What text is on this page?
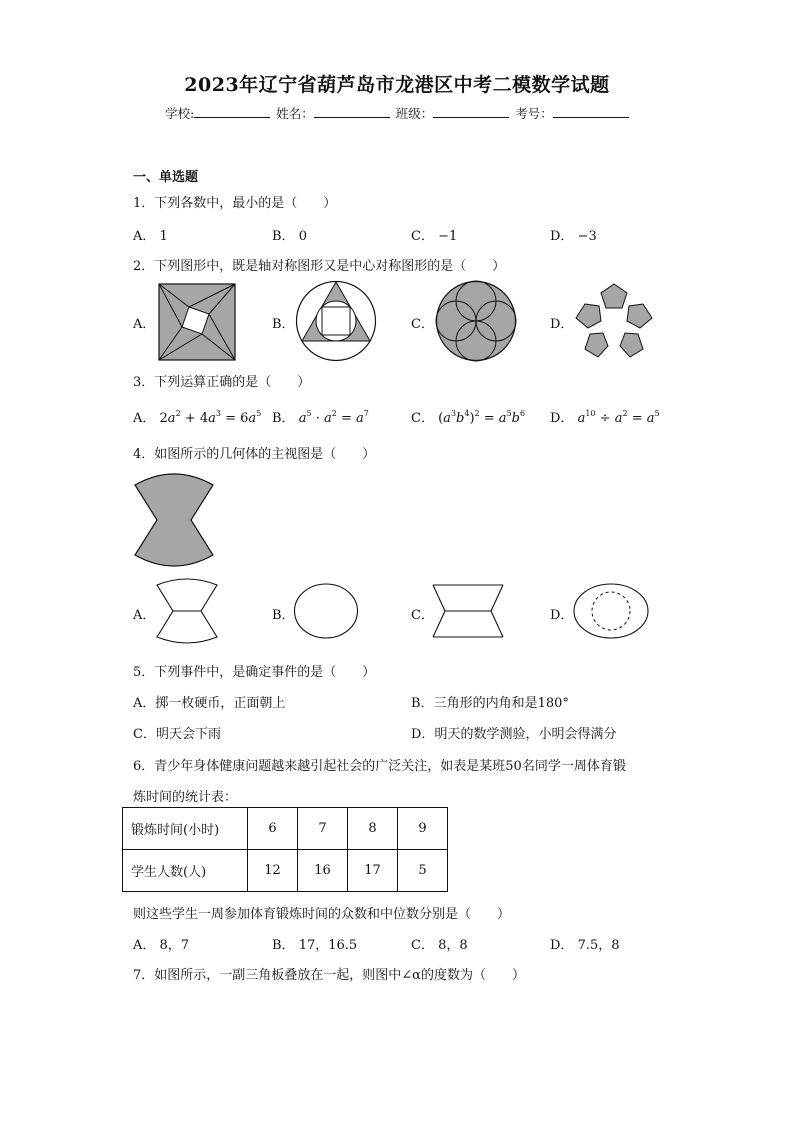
2023年辽宁省葫芦岛市龙港区中考二模数学试题
学校:	姓名：	班级：	考号：
一、单选题
1．下列各数中，最小的是（　　）
A． 1	B． 0	C． −1	D． −3
2．下列图形中，既是轴对称图形又是中心对称图形的是（　　）
A．	B．	C．	D．
3．下列运算正确的是（　　）
A． $2a^2 + 4a^3 = 6a^5$ B． $a^5 \cdot a^2 = a^7$	C． $(a^3b^4)^2 = a^5b^6$ D． $a^{10} \div a^2 = a^5$
4．如图所示的几何体的主视图是（　　）
A．	B．	C．	D．
5．下列事件中，是确定事件的是（　　）
A．掷一枚硬币，正面朝上	B．三角形的内角和是180°
C．明天会下雨	D．明天的数学测验，小明会得满分
6．青少年身体健康问题越来越引起社会的广泛关注，如表是某班50名同学一周体育锻
炼时间的统计表：
锻炼时间(小时)	6	7	8	9
学生人数(人)	12	16	17	5
则这些学生一周参加体育锻炼时间的众数和中位数分别是（　　）
A． 8，7	B． 17，16.5	C． 8，8	D． 7.5，8
7．如图所示，一副三角板叠放在一起，则图中∠α的度数为（　　）
